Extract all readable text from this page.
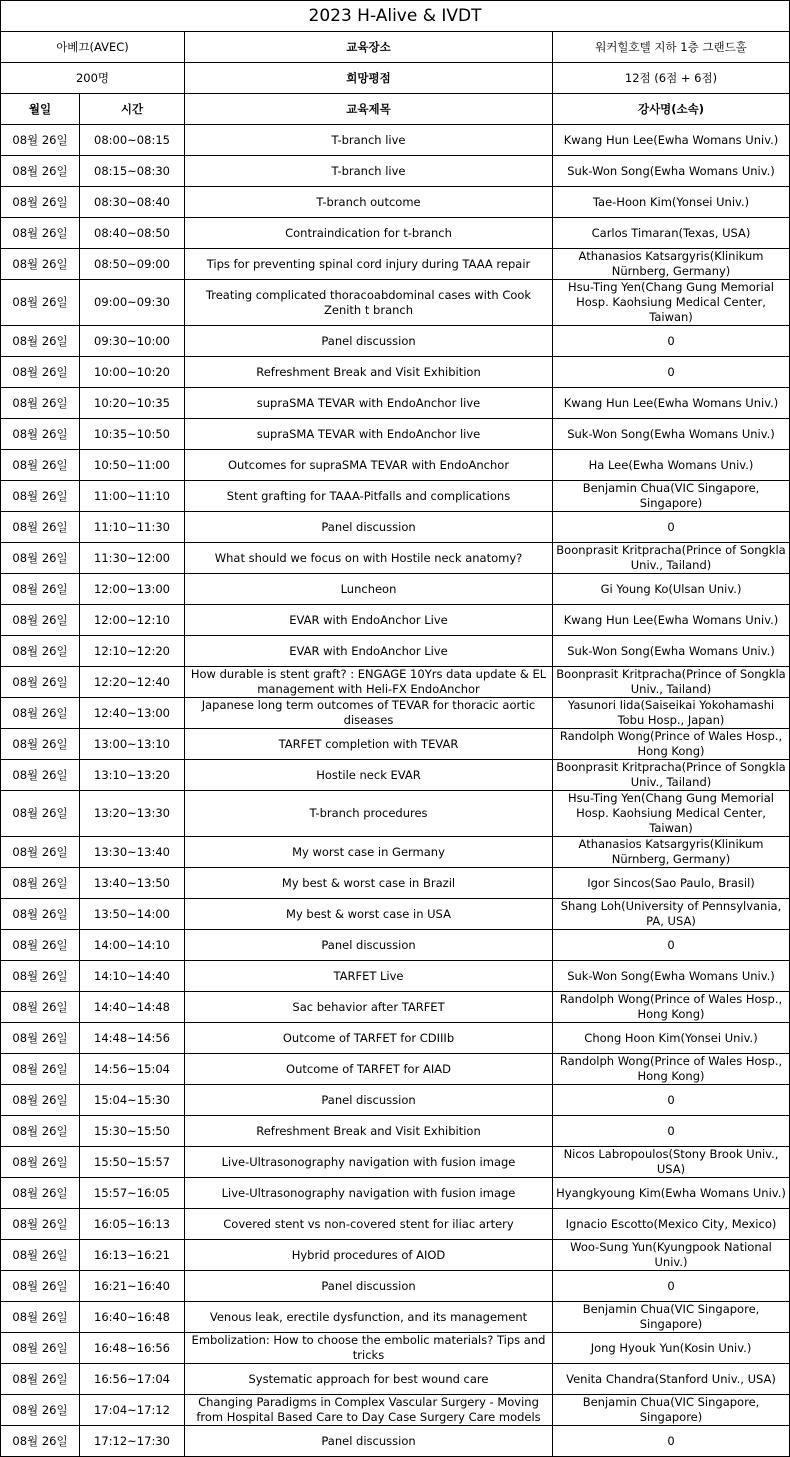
2023 H-Alive & IVDT			
아베끄(AVEC)		교육장소	워커힐호텔 지하 1층 그랜드홀
200명		희망평점	12점 (6점 + 6점)
월일	시간	교육제목	강사명(소속)
08월 26일	08:00~08:15	T-branch live	Kwang Hun Lee(Ewha Womans Univ.)
08월 26일	08:15~08:30	T-branch live	Suk-Won Song(Ewha Womans Univ.)
08월 26일	08:30~08:40	T-branch outcome	Tae-Hoon Kim(Yonsei Univ.)
08월 26일	08:40~08:50	Contraindication for t-branch	Carlos Timaran(Texas, USA)
08월 26일	08:50~09:00	Tips for preventing spinal cord injury during TAAA repair	Athanasios Katsargyris(Klinikum Nürnberg, Germany)
08월 26일	09:00~09:30	Treating complicated thoracoabdominal cases with Cook Zenith t branch	Hsu-Ting Yen(Chang Gung Memorial Hosp. Kaohsiung Medical Center, Taiwan)
08월 26일	09:30~10:00	Panel discussion	0
08월 26일	10:00~10:20	Refreshment Break and Visit Exhibition	0
08월 26일	10:20~10:35	supraSMA TEVAR with EndoAnchor live	Kwang Hun Lee(Ewha Womans Univ.)
08월 26일	10:35~10:50	supraSMA TEVAR with EndoAnchor live	Suk-Won Song(Ewha Womans Univ.)
08월 26일	10:50~11:00	Outcomes for supraSMA TEVAR with EndoAnchor	Ha Lee(Ewha Womans Univ.)
08월 26일	11:00~11:10	Stent grafting for TAAA-Pitfalls and complications	Benjamin Chua(VIC Singapore, Singapore)
08월 26일	11:10~11:30	Panel discussion	0
08월 26일	11:30~12:00	What should we focus on with Hostile neck anatomy?	Boonprasit Kritpracha(Prince of Songkla Univ., Tailand)
08월 26일	12:00~13:00	Luncheon	Gi Young Ko(Ulsan Univ.)
08월 26일	12:00~12:10	EVAR with EndoAnchor Live	Kwang Hun Lee(Ewha Womans Univ.)
08월 26일	12:10~12:20	EVAR with EndoAnchor Live	Suk-Won Song(Ewha Womans Univ.)
08월 26일	12:20~12:40	How durable is stent graft? : ENGAGE 10Yrs data update & EL management with Heli-FX EndoAnchor	Boonprasit Kritpracha(Prince of Songkla Univ., Tailand)
08월 26일	12:40~13:00	Japanese long term outcomes of TEVAR for thoracic aortic diseases	Yasunori Iida(Saiseikai Yokohamashi Tobu Hosp., Japan)
08월 26일	13:00~13:10	TARFET completion with TEVAR	Randolph Wong(Prince of Wales Hosp., Hong Kong)
08월 26일	13:10~13:20	Hostile neck EVAR	Boonprasit Kritpracha(Prince of Songkla Univ., Tailand)
08월 26일	13:20~13:30	T-branch procedures	Hsu-Ting Yen(Chang Gung Memorial Hosp. Kaohsiung Medical Center, Taiwan)
08월 26일	13:30~13:40	My worst case in Germany	Athanasios Katsargyris(Klinikum Nürnberg, Germany)
08월 26일	13:40~13:50	My best & worst case in Brazil	Igor Sincos(Sao Paulo, Brasil)
08월 26일	13:50~14:00	My best & worst case in USA	Shang Loh(University of Pennsylvania, PA, USA)
08월 26일	14:00~14:10	Panel discussion	0
08월 26일	14:10~14:40	TARFET Live	Suk-Won Song(Ewha Womans Univ.)
08월 26일	14:40~14:48	Sac behavior after TARFET	Randolph Wong(Prince of Wales Hosp., Hong Kong)
08월 26일	14:48~14:56	Outcome of TARFET for CDIIIb	Chong Hoon Kim(Yonsei Univ.)
08월 26일	14:56~15:04	Outcome of TARFET for AIAD	Randolph Wong(Prince of Wales Hosp., Hong Kong)
08월 26일	15:04~15:30	Panel discussion	0
08월 26일	15:30~15:50	Refreshment Break and Visit Exhibition	0
08월 26일	15:50~15:57	Live-Ultrasonography navigation with fusion image	Nicos Labropoulos(Stony Brook Univ., USA)
08월 26일	15:57~16:05	Live-Ultrasonography navigation with fusion image	Hyangkyoung Kim(Ewha Womans Univ.)
08월 26일	16:05~16:13	Covered stent vs non-covered stent for iliac artery	Ignacio Escotto(Mexico City, Mexico)
08월 26일	16:13~16:21	Hybrid procedures of AIOD	Woo-Sung Yun(Kyungpook National Univ.)
08월 26일	16:21~16:40	Panel discussion	0
08월 26일	16:40~16:48	Venous leak, erectile dysfunction, and its management	Benjamin Chua(VIC Singapore, Singapore)
08월 26일	16:48~16:56	Embolization: How to choose the embolic materials? Tips and tricks	Jong Hyouk Yun(Kosin Univ.)
08월 26일	16:56~17:04	Systematic approach for best wound care	Venita Chandra(Stanford Univ., USA)
08월 26일	17:04~17:12	Changing Paradigms in Complex Vascular Surgery - Moving from Hospital Based Care to Day Case Surgery Care models	Benjamin Chua(VIC Singapore, Singapore)
08월 26일	17:12~17:30	Panel discussion	0
